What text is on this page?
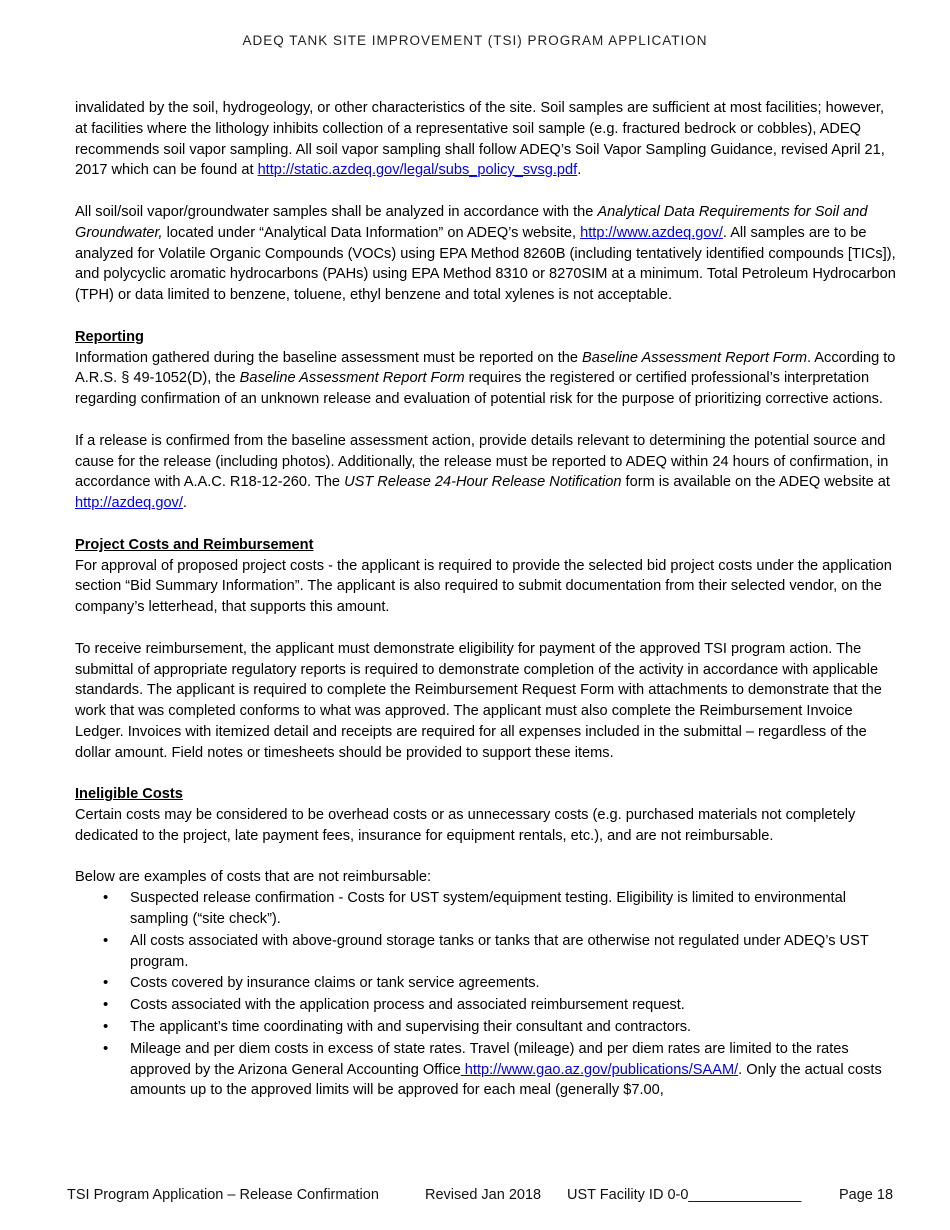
ADEQ TANK SITE IMPROVEMENT (TSI) PROGRAM APPLICATION

invalidated by the soil, hydrogeology, or other characteristics of the site. Soil samples are sufficient at most facilities; however, at facilities where the lithology inhibits collection of a representative soil sample (e.g. fractured bedrock or cobbles), ADEQ recommends soil vapor sampling. All soil vapor sampling shall follow ADEQ’s Soil Vapor Sampling Guidance, revised April 21, 2017 which can be found at http://static.azdeq.gov/legal/subs_policy_svsg.pdf.

All soil/soil vapor/groundwater samples shall be analyzed in accordance with the Analytical Data Requirements for Soil and Groundwater, located under “Analytical Data Information” on ADEQ’s website, http://www.azdeq.gov/. All samples are to be analyzed for Volatile Organic Compounds (VOCs) using EPA Method 8260B (including tentatively identified compounds [TICs]), and polycyclic aromatic hydrocarbons (PAHs) using EPA Method 8310 or 8270SIM at a minimum. Total Petroleum Hydrocarbon (TPH) or data limited to benzene, toluene, ethyl benzene and total xylenes is not acceptable.

Reporting

Information gathered during the baseline assessment must be reported on the Baseline Assessment Report Form. According to A.R.S. § 49-1052(D), the Baseline Assessment Report Form requires the registered or certified professional’s interpretation regarding confirmation of an unknown release and evaluation of potential risk for the purpose of prioritizing corrective actions.

If a release is confirmed from the baseline assessment action, provide details relevant to determining the potential source and cause for the release (including photos). Additionally, the release must be reported to ADEQ within 24 hours of confirmation, in accordance with A.A.C. R18-12-260. The UST Release 24-Hour Release Notification form is available on the ADEQ website at http://azdeq.gov/.

Project Costs and Reimbursement

For approval of proposed project costs - the applicant is required to provide the selected bid project costs under the application section “Bid Summary Information”. The applicant is also required to submit documentation from their selected vendor, on the company’s letterhead, that supports this amount.

To receive reimbursement, the applicant must demonstrate eligibility for payment of the approved TSI program action. The submittal of appropriate regulatory reports is required to demonstrate completion of the activity in accordance with applicable standards. The applicant is required to complete the Reimbursement Request Form with attachments to demonstrate that the work that was completed conforms to what was approved. The applicant must also complete the Reimbursement Invoice Ledger. Invoices with itemized detail and receipts are required for all expenses included in the submittal – regardless of the dollar amount. Field notes or timesheets should be provided to support these items.

Ineligible Costs

Certain costs may be considered to be overhead costs or as unnecessary costs (e.g. purchased materials not completely dedicated to the project, late payment fees, insurance for equipment rentals, etc.), and are not reimbursable.

Below are examples of costs that are not reimbursable:

• Suspected release confirmation - Costs for UST system/equipment testing. Eligibility is limited to environmental sampling (“site check”).
• All costs associated with above-ground storage tanks or tanks that are otherwise not regulated under ADEQ’s UST program.
• Costs covered by insurance claims or tank service agreements.
• Costs associated with the application process and associated reimbursement request.
• The applicant’s time coordinating with and supervising their consultant and contractors.
• Mileage and per diem costs in excess of state rates. Travel (mileage) and per diem rates are limited to the rates approved by the Arizona General Accounting Office http://www.gao.az.gov/publications/SAAM/. Only the actual costs amounts up to the approved limits will be approved for each meal (generally $7.00,
TSI Program Application – Release Confirmation	Revised Jan 2018	UST Facility ID 0-0______________	Page 18
